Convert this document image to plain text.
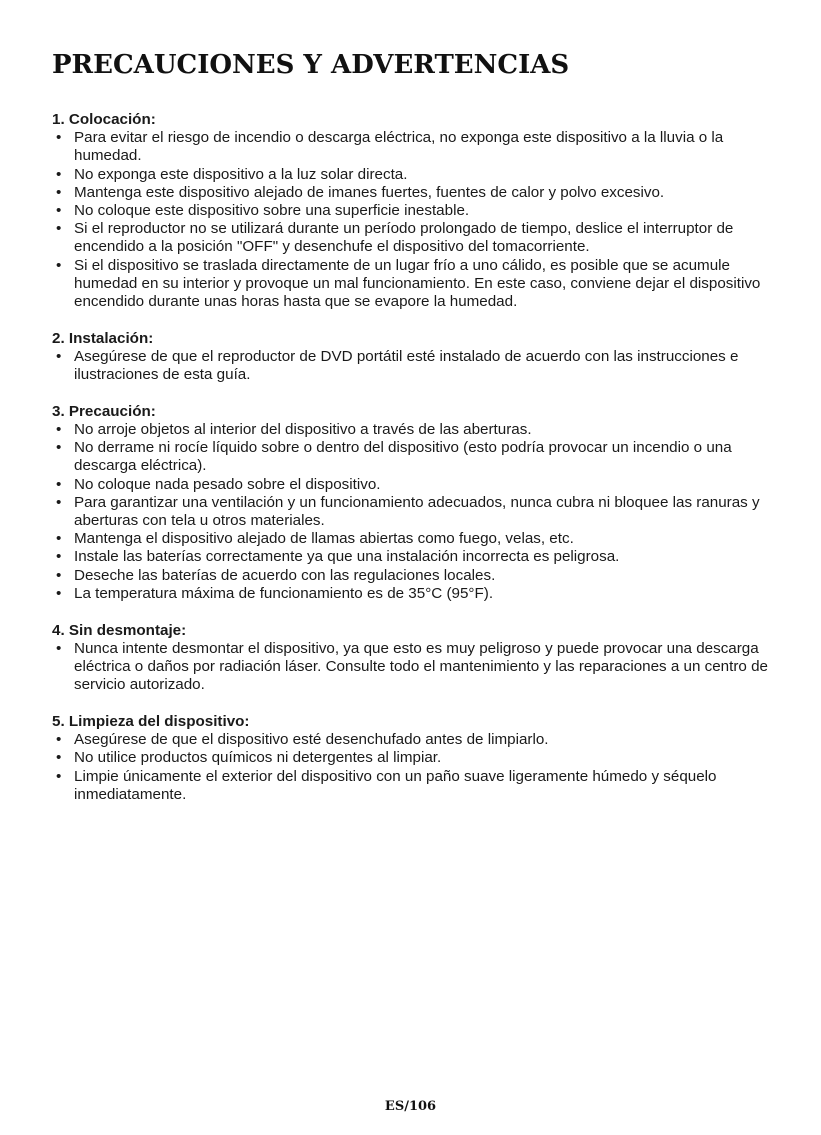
PRECAUCIONES Y ADVERTENCIAS

1. Colocación:

• Para evitar el riesgo de incendio o descarga eléctrica, no exponga este dispositivo a la lluvia o la humedad.
• No exponga este dispositivo a la luz solar directa.
• Mantenga este dispositivo alejado de imanes fuertes, fuentes de calor y polvo excesivo.
• No coloque este dispositivo sobre una superficie inestable.
• Si el reproductor no se utilizará durante un período prolongado de tiempo, deslice el interruptor de encendido a la posición "OFF" y desenchufe el dispositivo del tomacorriente.
• Si el dispositivo se traslada directamente de un lugar frío a uno cálido, es posible que se acumule humedad en su interior y provoque un mal funcionamiento. En este caso, conviene dejar el dispositivo encendido durante unas horas hasta que se evapore la humedad.

2. Instalación:

• Asegúrese de que el reproductor de DVD portátil esté instalado de acuerdo con las instrucciones e ilustraciones de esta guía.

3. Precaución:

• No arroje objetos al interior del dispositivo a través de las aberturas.
• No derrame ni rocíe líquido sobre o dentro del dispositivo (esto podría provocar un incendio o una descarga eléctrica).
• No coloque nada pesado sobre el dispositivo.
• Para garantizar una ventilación y un funcionamiento adecuados, nunca cubra ni bloquee las ranuras y aberturas con tela u otros materiales.
• Mantenga el dispositivo alejado de llamas abiertas como fuego, velas, etc.
• Instale las baterías correctamente ya que una instalación incorrecta es peligrosa.
• Deseche las baterías de acuerdo con las regulaciones locales.
• La temperatura máxima de funcionamiento es de 35°C (95°F).

4. Sin desmontaje:

• Nunca intente desmontar el dispositivo, ya que esto es muy peligroso y puede provocar una descarga eléctrica o daños por radiación láser. Consulte todo el mantenimiento y las reparaciones a un centro de servicio autorizado.

5. Limpieza del dispositivo:

• Asegúrese de que el dispositivo esté desenchufado antes de limpiarlo.
• No utilice productos químicos ni detergentes al limpiar.
• Limpie únicamente el exterior del dispositivo con un paño suave ligeramente húmedo y séquelo inmediatamente.
ES/106
